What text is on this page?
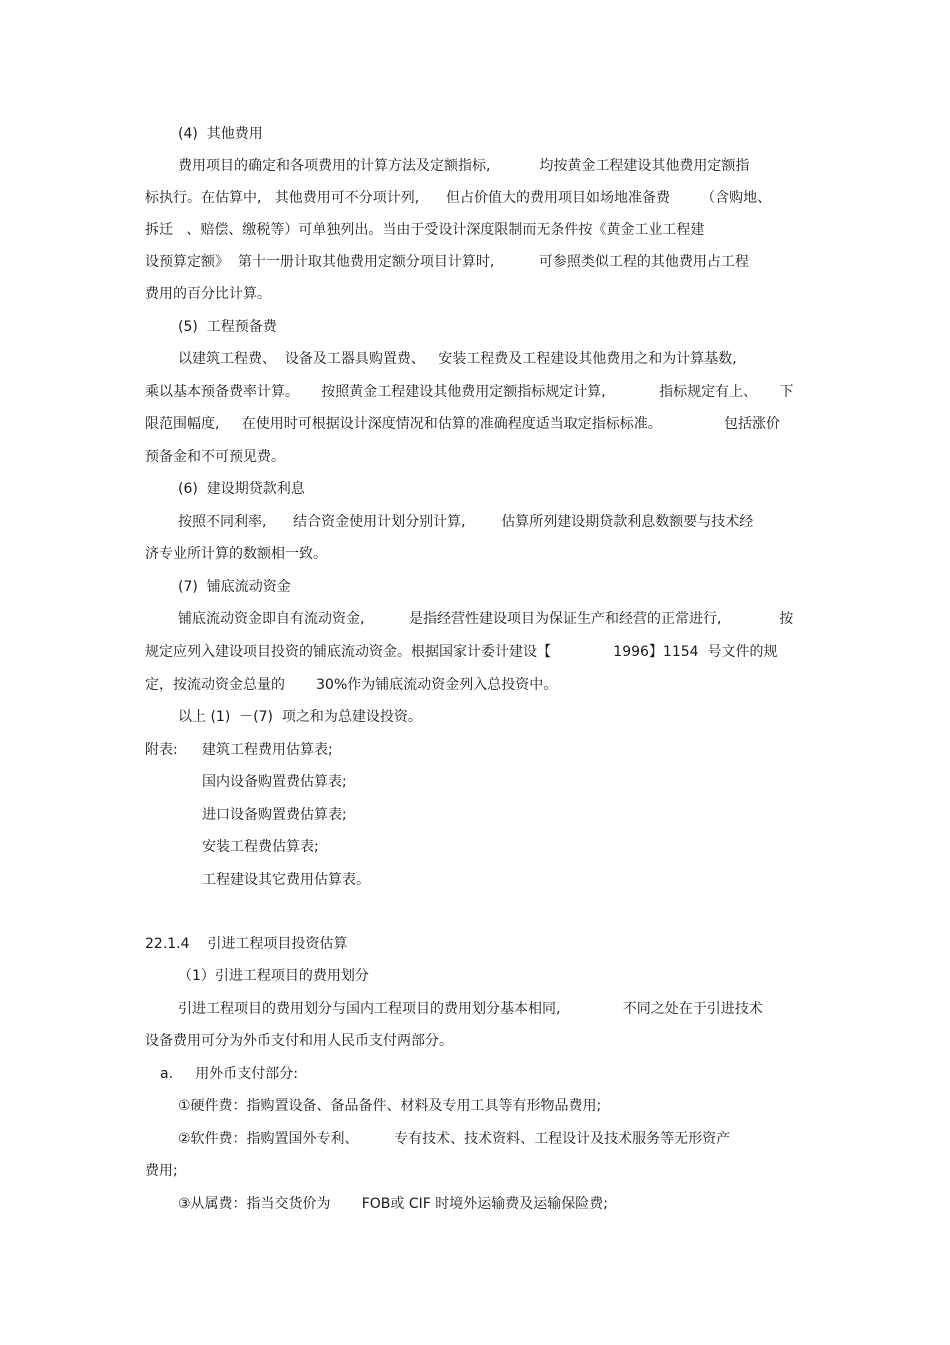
(4)  其他费用
费用项目的确定和各项费用的计算方法及定额指标,           均按黄金工程建设其他费用定额指
标执行。在估算中,   其他费用可不分项计列,      但占价值大的费用项目如场地准备费       （含购地、
拆迁   、赔偿、缴税等）可单独列出。当由于受设计深度限制而无条件按《黄金工业工程建
设预算定额》  第十一册计取其他费用定额分项目计算时,          可参照类似工程的其他费用占工程
费用的百分比计算。
(5)  工程预备费
以建筑工程费、  设备及工器具购置费、   安装工程费及工程建设其他费用之和为计算基数,
乘以基本预备费率计算。     按照黄金工程建设其他费用定额指标规定计算,            指标规定有上、     下
限范围幅度,     在使用时可根据设计深度情况和估算的准确程度适当取定指标标准。              包括涨价
预备金和不可预见费。
(6)  建设期贷款利息
按照不同利率,      结合资金使用计划分别计算,        估算所列建设期贷款利息数额要与技术经
济专业所计算的数额相一致。
(7)  铺底流动资金
铺底流动资金即自有流动资金,          是指经营性建设项目为保证生产和经营的正常进行,             按
规定应列入建设项目投资的铺底流动资金。根据国家计委计建设【              1996】1154  号文件的规
定，按流动资金总量的       30%作为铺底流动资金列入总投资中。
以上 (1)  －(7)  项之和为总建设投资。
附表: 建筑工程费用估算表;
国内设备购置费估算表;
进口设备购置费估算表;
安装工程费估算表;
工程建设其它费用估算表。
22.1.4    引进工程项目投资估算
（1）引进工程项目的费用划分
引进工程项目的费用划分与国内工程项目的费用划分基本相同,              不同之处在于引进技术
设备费用可分为外币支付和用人民币支付两部分。
a.     用外币支付部分:
①硬件费：指购置设备、备品备件、材料及专用工具等有形物品费用;
②软件费：指购置国外专利、        专有技术、技术资料、工程设计及技术服务等无形资产
费用;
③从属费：指当交货价为       FOB或 CIF 时境外运输费及运输保险费;
